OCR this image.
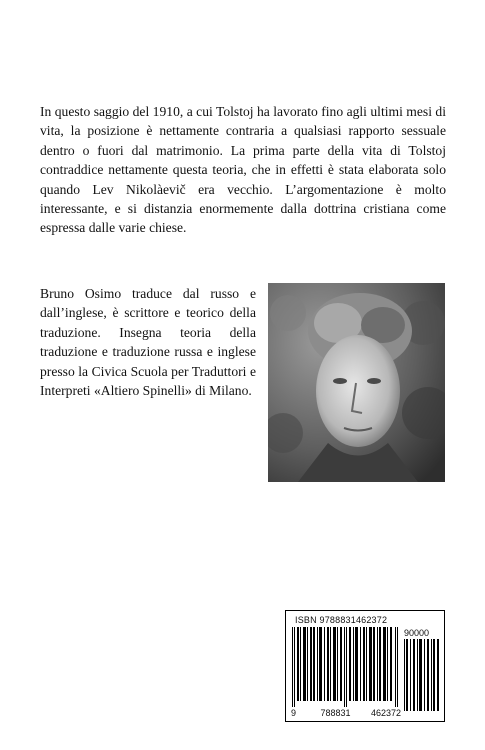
In questo saggio del 1910, a cui Tolstoj ha lavorato fino agli ultimi mesi di vita, la posizione è nettamente contraria a qualsiasi rapporto sessuale dentro o fuori dal matrimonio. La prima parte della vita di Tolstoj contraddice nettamente questa teoria, che in effetti è stata elaborata solo quando Lev Nikolàevič era vecchio. L’argomentazione è molto interessante, e si distanzia enormemente dalla dottrina cristiana come espressa dalle varie chiese.

Bruno Osimo traduce dal russo e dall’inglese, è scrittore e teorico della traduzione. Insegna teoria della traduzione e traduzione russa e inglese presso la Civica Scuola per Traduttori e Interpreti «Altiero Spinelli» di Milano.

ISBN 9788831462372
90000
9	788831 462372
